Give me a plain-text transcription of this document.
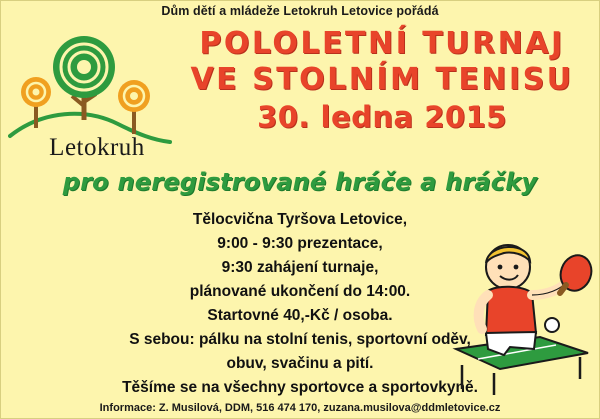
Dům dětí a mládeže Letokruh Letovice pořádá
Letokruh
POLOLETNÍ TURNAJ
VE STOLNÍM TENISU
30. ledna 2015
pro neregistrované hráče a hráčky
Tělocvična Tyršova Letovice,
9:00 - 9:30 prezentace,
9:30 zahájení turnaje,
plánované ukončení do 14:00.
Startovné 40,-Kč / osoba.
S sebou: pálku na stolní tenis, sportovní oděv,
obuv, svačinu a pití.
Těšíme se na všechny sportovce a sportovkyně.
Informace: Z. Musilová, DDM, 516 474 170, zuzana.musilova@ddmletovice.cz
